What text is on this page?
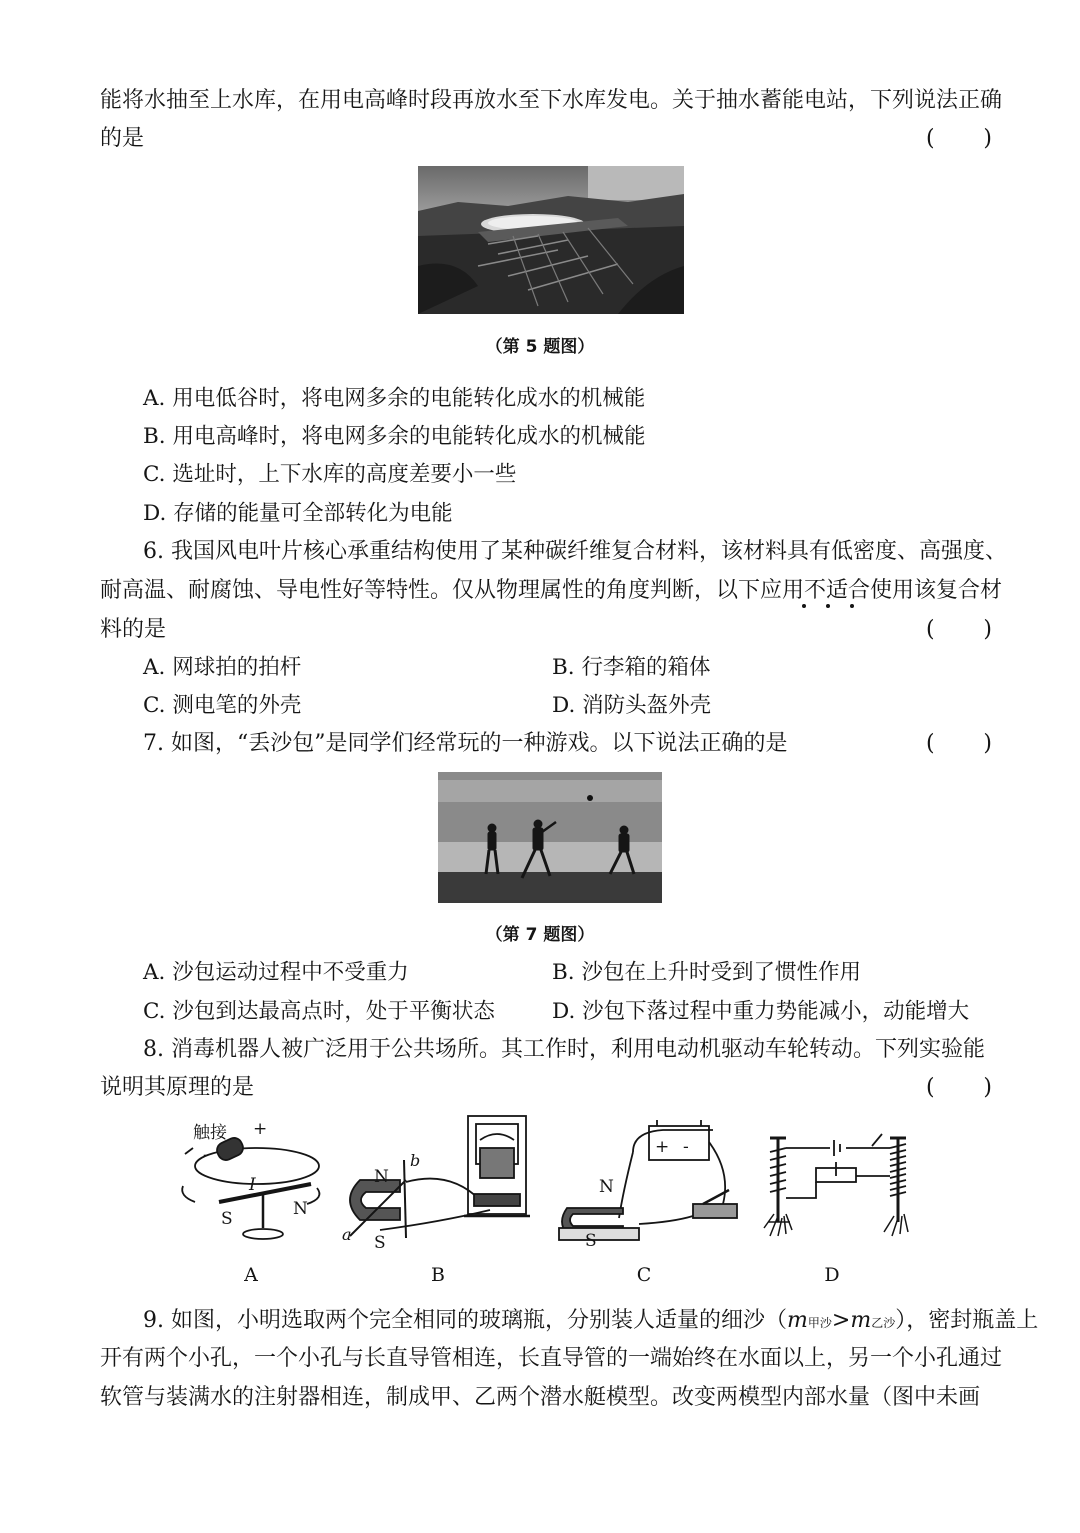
能将水抽至上水库，在用电高峰时段再放水至下水库发电。关于抽水蓄能电站，下列说法正确
的是	( )
（第 5 题图）
A. 用电低谷时，将电网多余的电能转化成水的机械能
B. 用电高峰时，将电网多余的电能转化成水的机械能
C. 选址时，上下水库的高度差要小一些
D. 存储的能量可全部转化为电能
6. 我国风电叶片核心承重结构使用了某种碳纤维复合材料，该材料具有低密度、高强度、
耐高温、耐腐蚀、导电性好等特性。仅从物理属性的角度判断，以下应用不适合使用该复合材
料的是	( )
A. 网球拍的拍杆	B. 行李箱的箱体
C. 测电笔的外壳	D. 消防头盔外壳
7. 如图，“丢沙包”是同学们经常玩的一种游戏。以下说法正确的是	( )
（第 7 题图）
A. 沙包运动过程中不受重力	B. 沙包在上升时受到了惯性作用
C. 沙包到达最高点时，处于平衡状态	D. 沙包下落过程中重力势能减小，动能增大
8. 消毒机器人被广泛用于公共场所。其工作时，利用电动机驱动车轮转动。下列实验能
说明其原理的是	( )
触接 +
-
I
S	N
N
b
a S
+ -
N
S
A	B	C	D
9. 如图，小明选取两个完全相同的玻璃瓶，分别装人适量的细沙（m甲沙>m乙沙），密封瓶盖上
开有两个小孔，一个小孔与长直导管相连，长直导管的一端始终在水面以上，另一个小孔通过
软管与装满水的注射器相连，制成甲、乙两个潜水艇模型。改变两模型内部水量（图中未画
